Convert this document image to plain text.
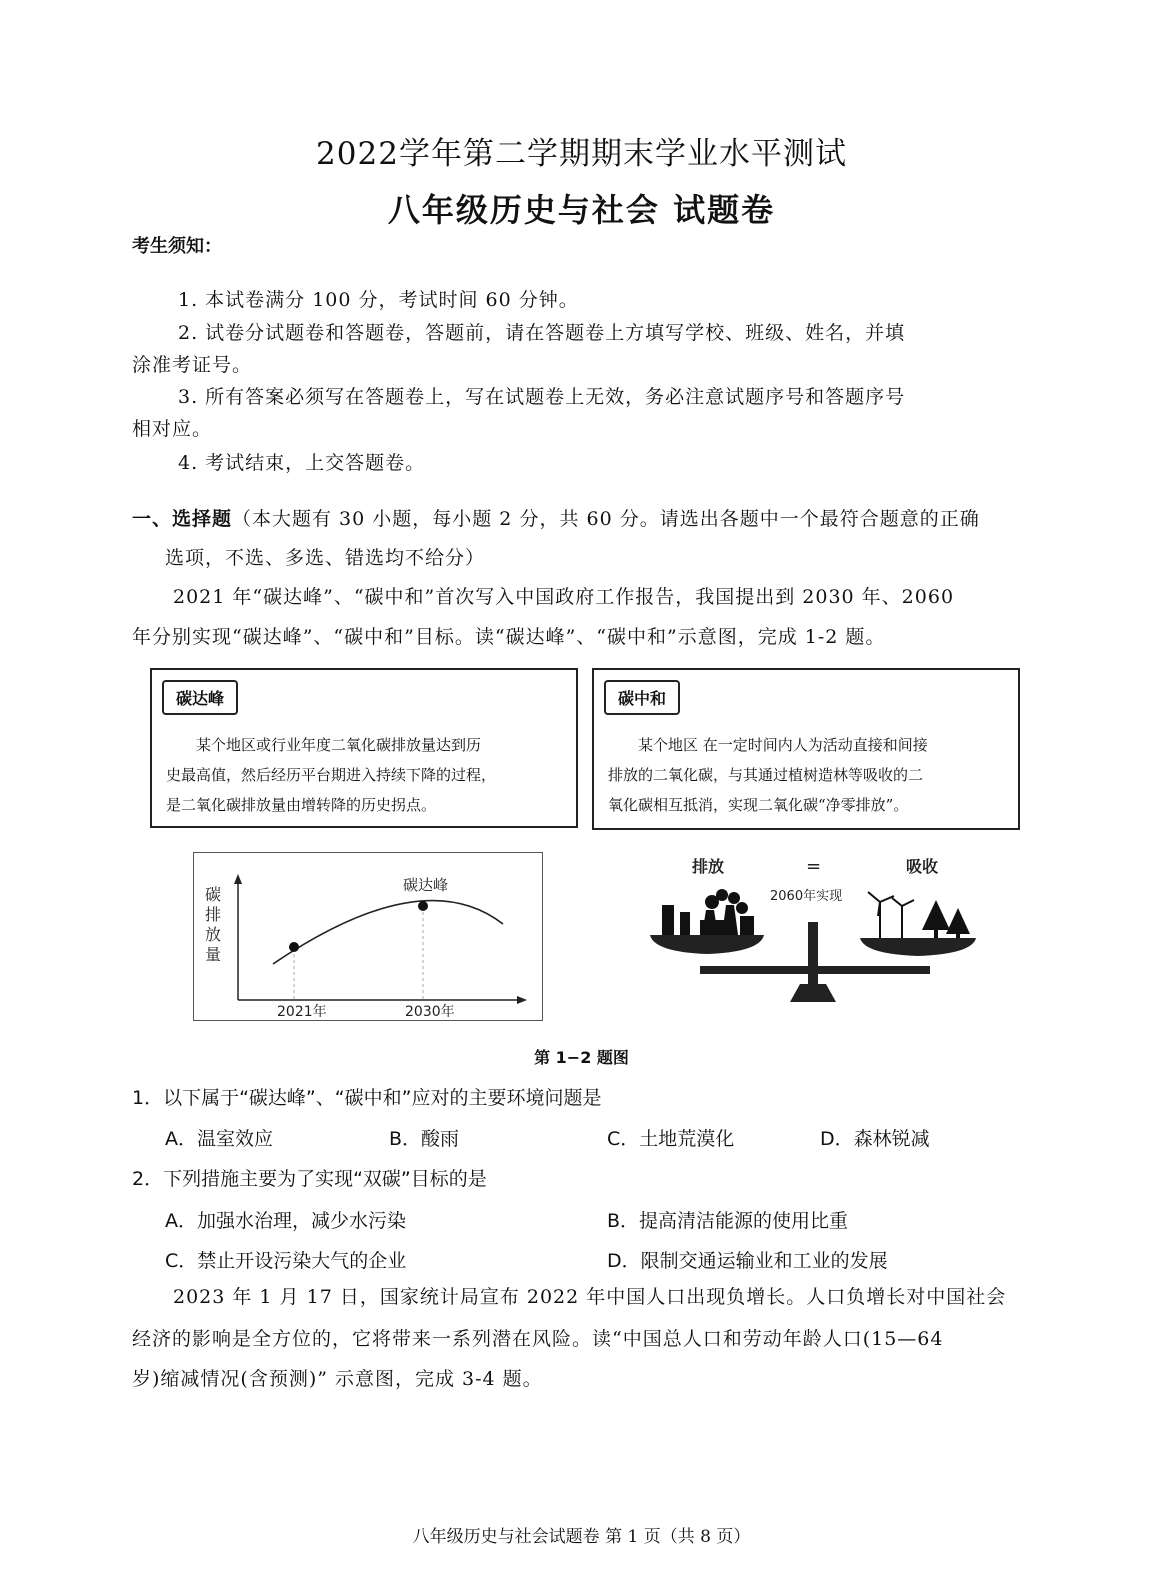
2022学年第二学期期末学业水平测试
八年级历史与社会 试题卷
考生须知：
1. 本试卷满分 100 分，考试时间 60 分钟。
2. 试卷分试题卷和答题卷，答题前，请在答题卷上方填写学校、班级、姓名，并填
涂准考证号。
3. 所有答案必须写在答题卷上，写在试题卷上无效，务必注意试题序号和答题序号
相对应。
4. 考试结束，上交答题卷。
一、选择题（本大题有 30 小题，每小题 2 分，共 60 分。请选出各题中一个最符合题意的正确
选项，不选、多选、错选均不给分）
2021 年“碳达峰”、“碳中和”首次写入中国政府工作报告，我国提出到 2030 年、2060
年分别实现“碳达峰”、“碳中和”目标。读“碳达峰”、“碳中和”示意图，完成 1-2 题。
碳达峰
某个地区或行业年度二氧化碳排放量达到历
史最高值，然后经历平台期进入持续下降的过程，
是二氧化碳排放量由增转降的历史拐点。
碳中和
某个地区 在一定时间内人为活动直接和间接
排放的二氧化碳，与其通过植树造林等吸收的二
氧化碳相互抵消，实现二氧化碳“净零排放”。
碳达峰
碳排放量
2021年	2030年
排放	=	吸收
2060年实现
第 1−2 题图
1．以下属于“碳达峰”、“碳中和”应对的主要环境问题是
A．温室效应	B．酸雨	C．土地荒漠化	D．森林锐减
2．下列措施主要为了实现“双碳”目标的是
A．加强水治理，减少水污染	B．提高清洁能源的使用比重
C．禁止开设污染大气的企业	D．限制交通运输业和工业的发展
2023 年 1 月 17 日，国家统计局宣布 2022 年中国人口出现负增长。人口负增长对中国社会
经济的影响是全方位的，它将带来一系列潜在风险。读“中国总人口和劳动年龄人口(15—64
岁)缩减情况(含预测)” 示意图，完成 3-4 题。
八年级历史与社会试题卷 第 1 页（共 8 页）
